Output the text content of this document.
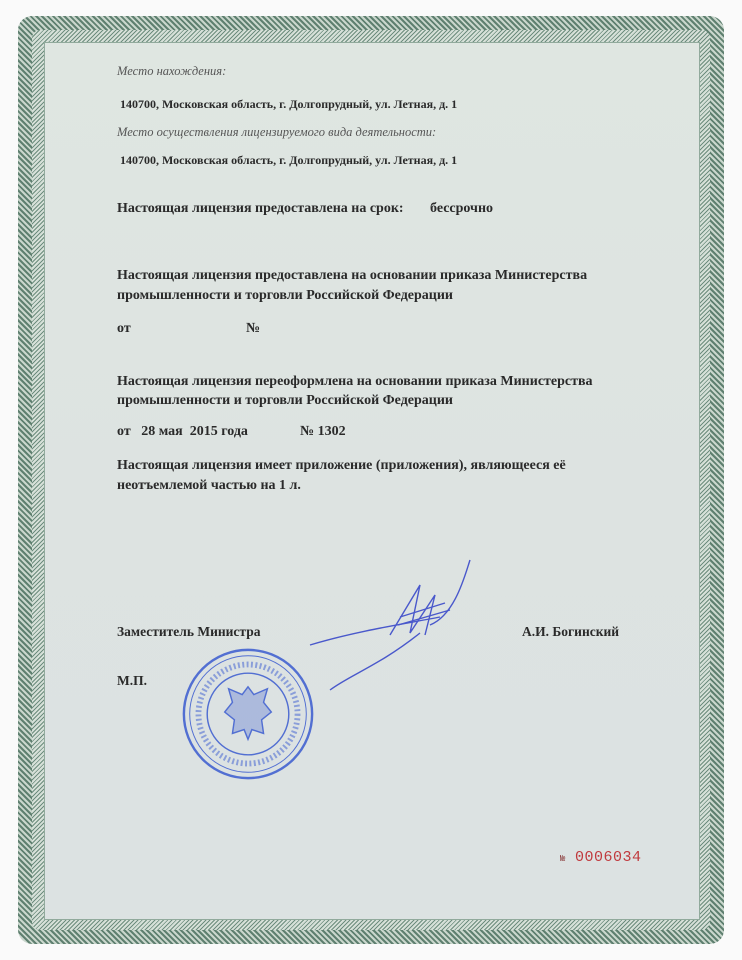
Место нахождения:
140700, Московская область, г. Долгопрудный, ул. Летная, д. 1
Место осуществления лицензируемого вида деятельности:
140700, Московская область, г. Долгопрудный, ул. Летная, д. 1
Настоящая лицензия предоставлена на срок: бессрочно
Настоящая лицензия предоставлена на основании приказа Министерства
промышленности и торговли Российской Федерации
от	№
Настоящая лицензия переоформлена на основании приказа Министерства
промышленности и торговли Российской Федерации
от   28 мая  2015 года	№ 1302
Настоящая лицензия имеет приложение (приложения), являющееся её
неотъемлемой частью на 1 л.
Заместитель Министра	А.И. Богинский
М.П.
№ 0006034
